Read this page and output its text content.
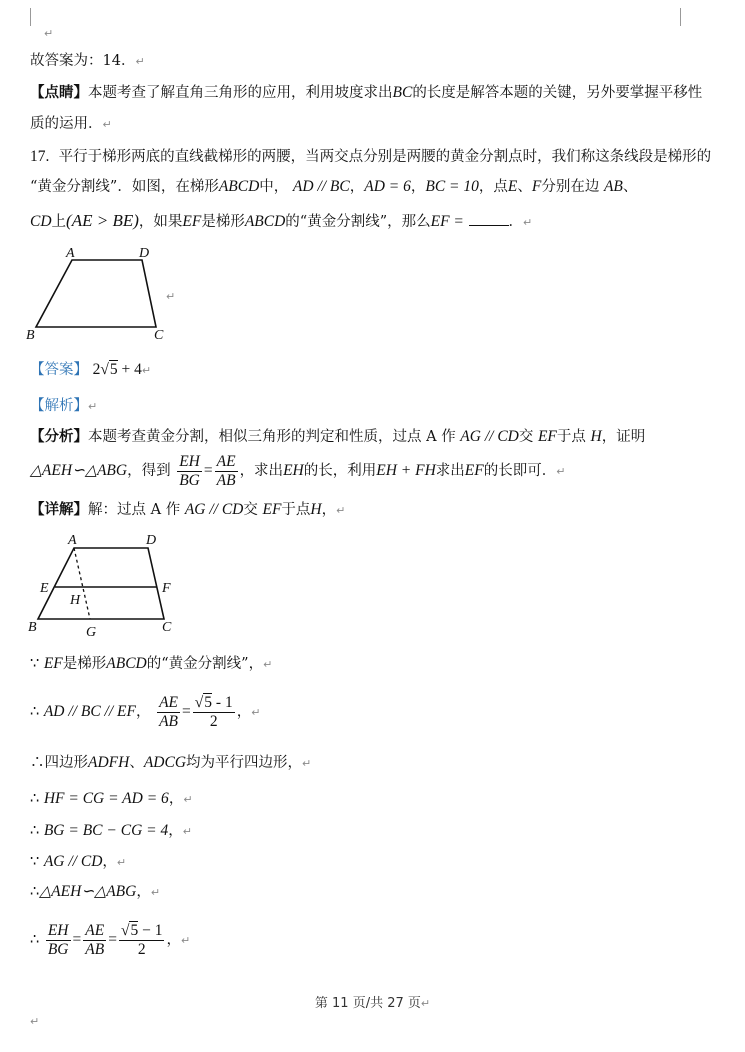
↵
故答案为：14．↵
【点睛】本题考查了解直角三角形的应用，利用坡度求出BC的长度是解答本题的关键，另外要掌握平移性
质的运用．↵
17. 平行于梯形两底的直线截梯形的两腰，当两交点分别是两腰的黄金分割点时，我们称这条线段是梯形的
“黄金分割线”．如图，在梯形ABCD中， AD // BC，AD = 6，BC = 10，点E、F分别在边 AB、
CD上(AE > BE)，如果EF是梯形ABCD的“黄金分割线”，那么EF =	．↵
A	D
B	C
↵
【答案】 2√5 + 4↵
【解析】↵
【分析】本题考查黄金分割，相似三角形的判定和性质，过点 A 作 AG // CD交 EF于点 H，证明
△AEH∽△ABG，得到 $\frac{EH}{BG} = \frac{AE}{AB}$ ，求出EH的长，利用EH + FH求出EF的长即可．↵
【详解】解：过点 A 作 AG // CD交 EF于点H，↵
A	D
E	F
H
B	G	C
∵ EF是梯形ABCD的“黄金分割线”，↵
∴ AD // BC // EF， $\frac{AE}{AB} = \frac{√5 - 1}{2}$ ，↵
∴四边形ADFH、ADCG均为平行四边形，↵
∴ HF = CG = AD = 6，↵
∴ BG = BC − CG = 4，↵
∵ AG // CD，↵
∴△AEH∽△ABG，↵
∴ $\frac{EH}{BG} = \frac{AE}{AB} = \frac{√5 - 1}{2}$ ，↵
第 11 页/共 27 页↵
↵
